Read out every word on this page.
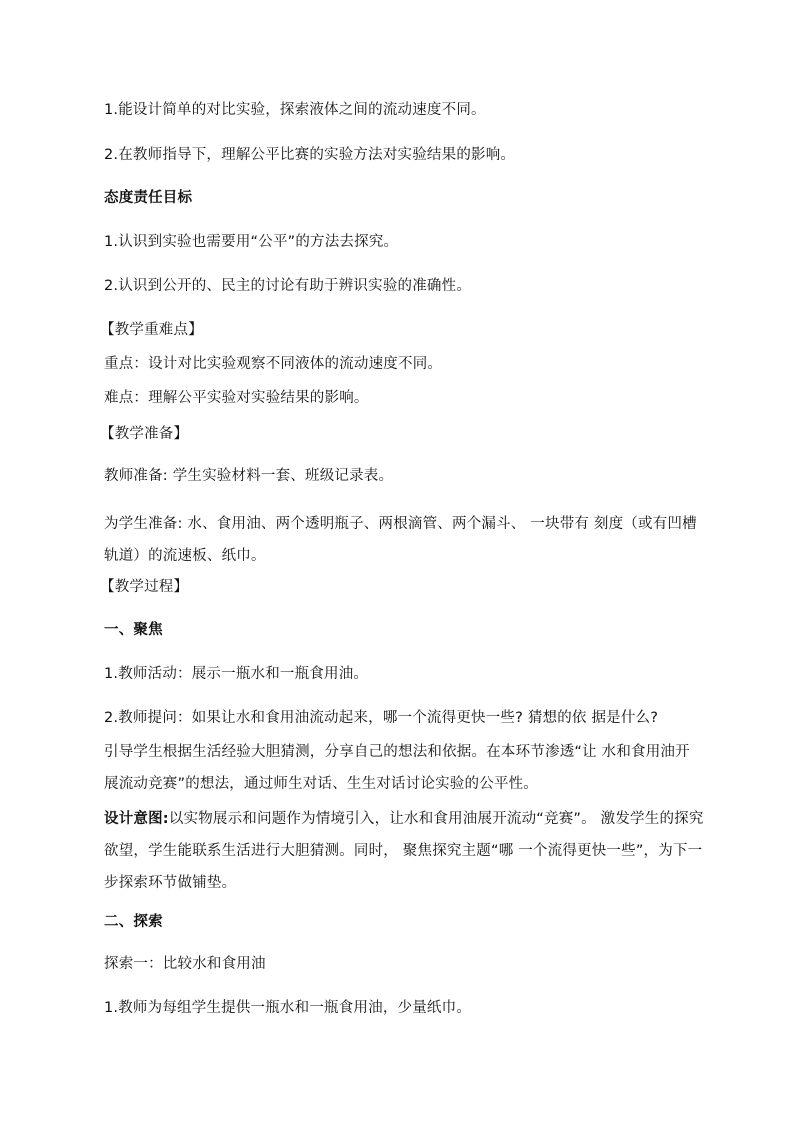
1.能设计简单的对比实验，探索液体之间的流动速度不同。
2.在教师指导下，理解公平比赛的实验方法对实验结果的影响。
态度责任目标
1.认识到实验也需要用“公平”的方法去探究。
2.认识到公开的、民主的讨论有助于辨识实验的准确性。
【教学重难点】
重点：设计对比实验观察不同液体的流动速度不同。
难点：理解公平实验对实验结果的影响。
【教学准备】
教师准备: 学生实验材料一套、班级记录表。
为学生准备: 水、食用油、两个透明瓶子、两根滴管、两个漏斗、 一块带有 刻度（或有凹槽轨道）的流速板、纸巾。
【教学过程】
一、聚焦
1.教师活动：展示一瓶水和一瓶食用油。
2.教师提问：如果让水和食用油流动起来，哪一个流得更快一些? 猜想的依 据是什么?
引导学生根据生活经验大胆猜测，分享自己的想法和依据。在本环节渗透“让 水和食用油开展流动竞赛”的想法，通过师生对话、生生对话讨论实验的公平性。
设计意图:以实物展示和问题作为情境引入，让水和食用油展开流动“竞赛”。 激发学生的探究欲望，学生能联系生活进行大胆猜测。同时， 聚焦探究主题“哪 一个流得更快一些”，为下一步探索环节做铺垫。
二、探索
探索一：比较水和食用油
1.教师为每组学生提供一瓶水和一瓶食用油，少量纸巾。
